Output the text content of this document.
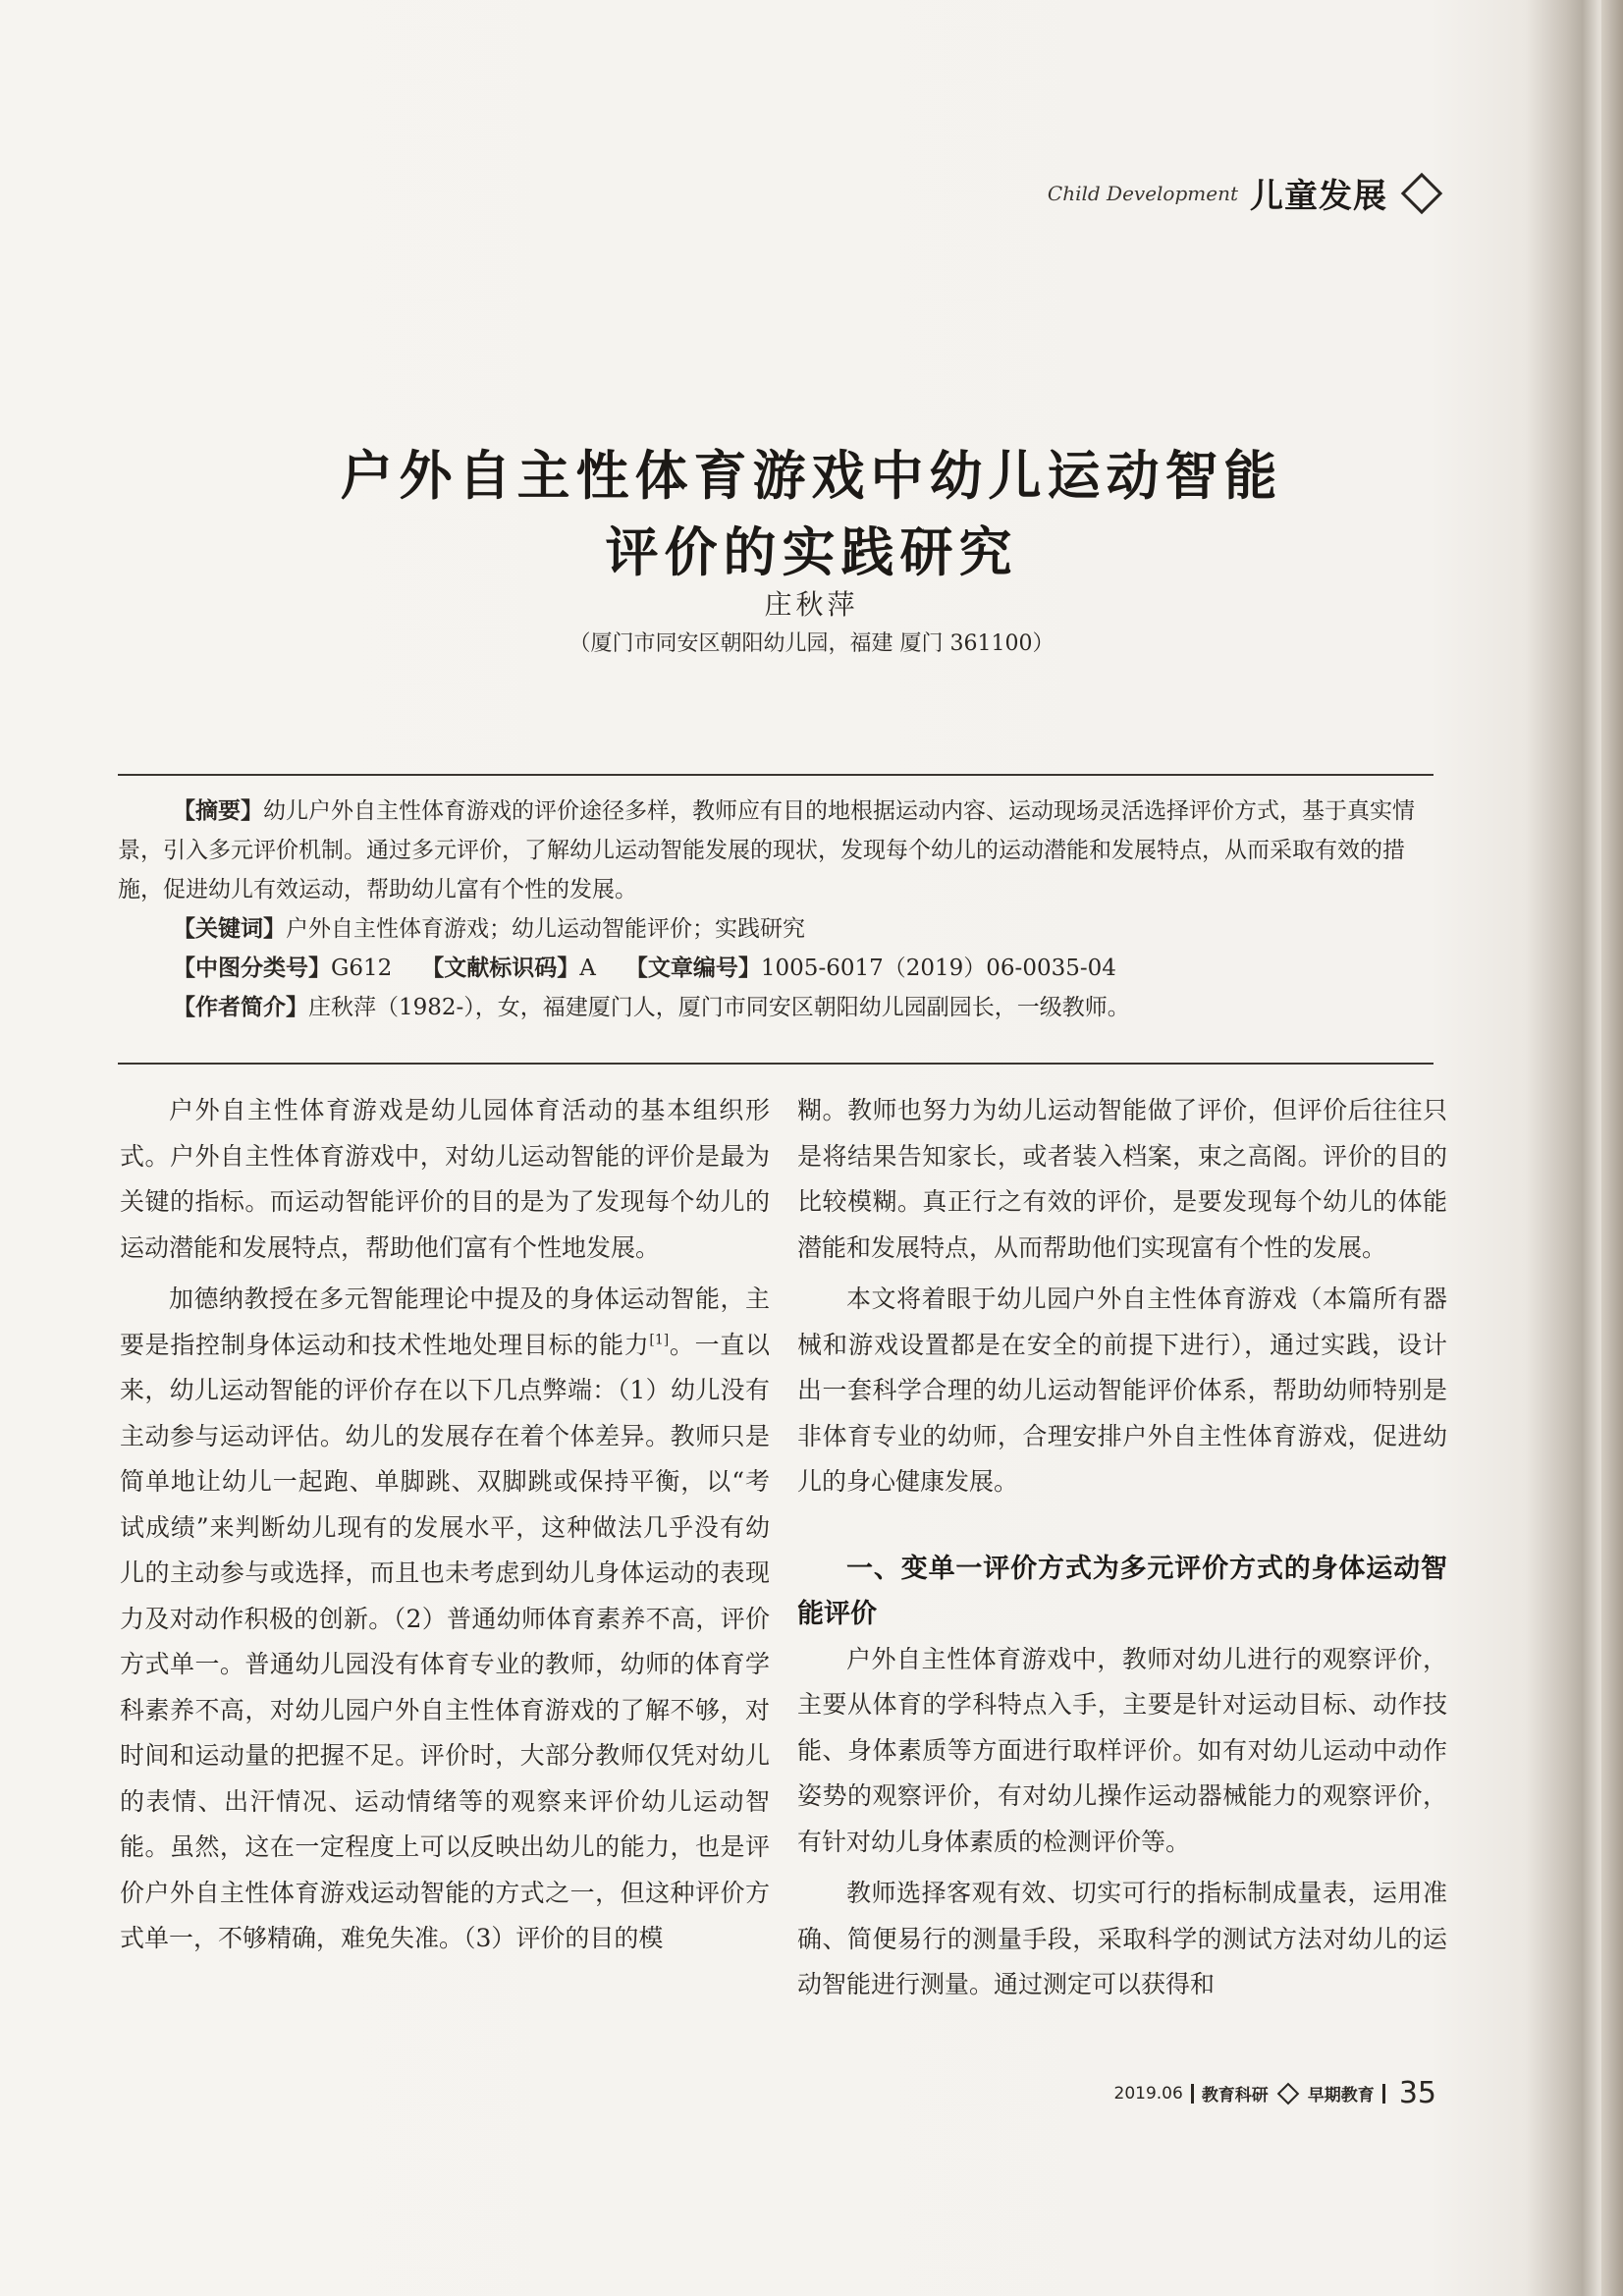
Child Development 儿童发展
户外自主性体育游戏中幼儿运动智能
评价的实践研究
庄秋萍
（厦门市同安区朝阳幼儿园，福建 厦门 361100）

【摘要】幼儿户外自主性体育游戏的评价途径多样，教师应有目的地根据运动内容、运动现场灵活选择评价方式，基于真实情景，引入多元评价机制。通过多元评价，了解幼儿运动智能发展的现状，发现每个幼儿的运动潜能和发展特点，从而采取有效的措施，促进幼儿有效运动，帮助幼儿富有个性的发展。

【关键词】户外自主性体育游戏；幼儿运动智能评价；实践研究

【中图分类号】G612 【文献标识码】A 【文章编号】1005-6017（2019）06-0035-04

【作者简介】庄秋萍（1982-），女，福建厦门人，厦门市同安区朝阳幼儿园副园长，一级教师。

户外自主性体育游戏是幼儿园体育活动的基本组织形式。户外自主性体育游戏中，对幼儿运动智能的评价是最为关键的指标。而运动智能评价的目的是为了发现每个幼儿的运动潜能和发展特点，帮助他们富有个性地发展。

加德纳教授在多元智能理论中提及的身体运动智能，主要是指控制身体运动和技术性地处理目标的能力[1]。一直以来，幼儿运动智能的评价存在以下几点弊端：（1）幼儿没有主动参与运动评估。幼儿的发展存在着个体差异。教师只是简单地让幼儿一起跑、单脚跳、双脚跳或保持平衡，以“考试成绩”来判断幼儿现有的发展水平，这种做法几乎没有幼儿的主动参与或选择，而且也未考虑到幼儿身体运动的表现力及对动作积极的创新。（2）普通幼师体育素养不高，评价方式单一。普通幼儿园没有体育专业的教师，幼师的体育学科素养不高，对幼儿园户外自主性体育游戏的了解不够，对时间和运动量的把握不足。评价时，大部分教师仅凭对幼儿的表情、出汗情况、运动情绪等的观察来评价幼儿运动智能。虽然，这在一定程度上可以反映出幼儿的能力，也是评价户外自主性体育游戏运动智能的方式之一，但这种评价方式单一，不够精确，难免失准。（3）评价的目的模

糊。教师也努力为幼儿运动智能做了评价，但评价后往往只是将结果告知家长，或者装入档案，束之高阁。评价的目的比较模糊。真正行之有效的评价，是要发现每个幼儿的体能潜能和发展特点，从而帮助他们实现富有个性的发展。

本文将着眼于幼儿园户外自主性体育游戏（本篇所有器械和游戏设置都是在安全的前提下进行），通过实践，设计出一套科学合理的幼儿运动智能评价体系，帮助幼师特别是非体育专业的幼师，合理安排户外自主性体育游戏，促进幼儿的身心健康发展。

一、变单一评价方式为多元评价方式的身体运动智能评价

户外自主性体育游戏中，教师对幼儿进行的观察评价，主要从体育的学科特点入手，主要是针对运动目标、动作技能、身体素质等方面进行取样评价。如有对幼儿运动中动作姿势的观察评价，有对幼儿操作运动器械能力的观察评价，有针对幼儿身体素质的检测评价等。

教师选择客观有效、切实可行的指标制成量表，运用准确、简便易行的测量手段，采取科学的测试方法对幼儿的运动智能进行测量。通过测定可以获得和

2019.06 教育科研 早期教育 35
